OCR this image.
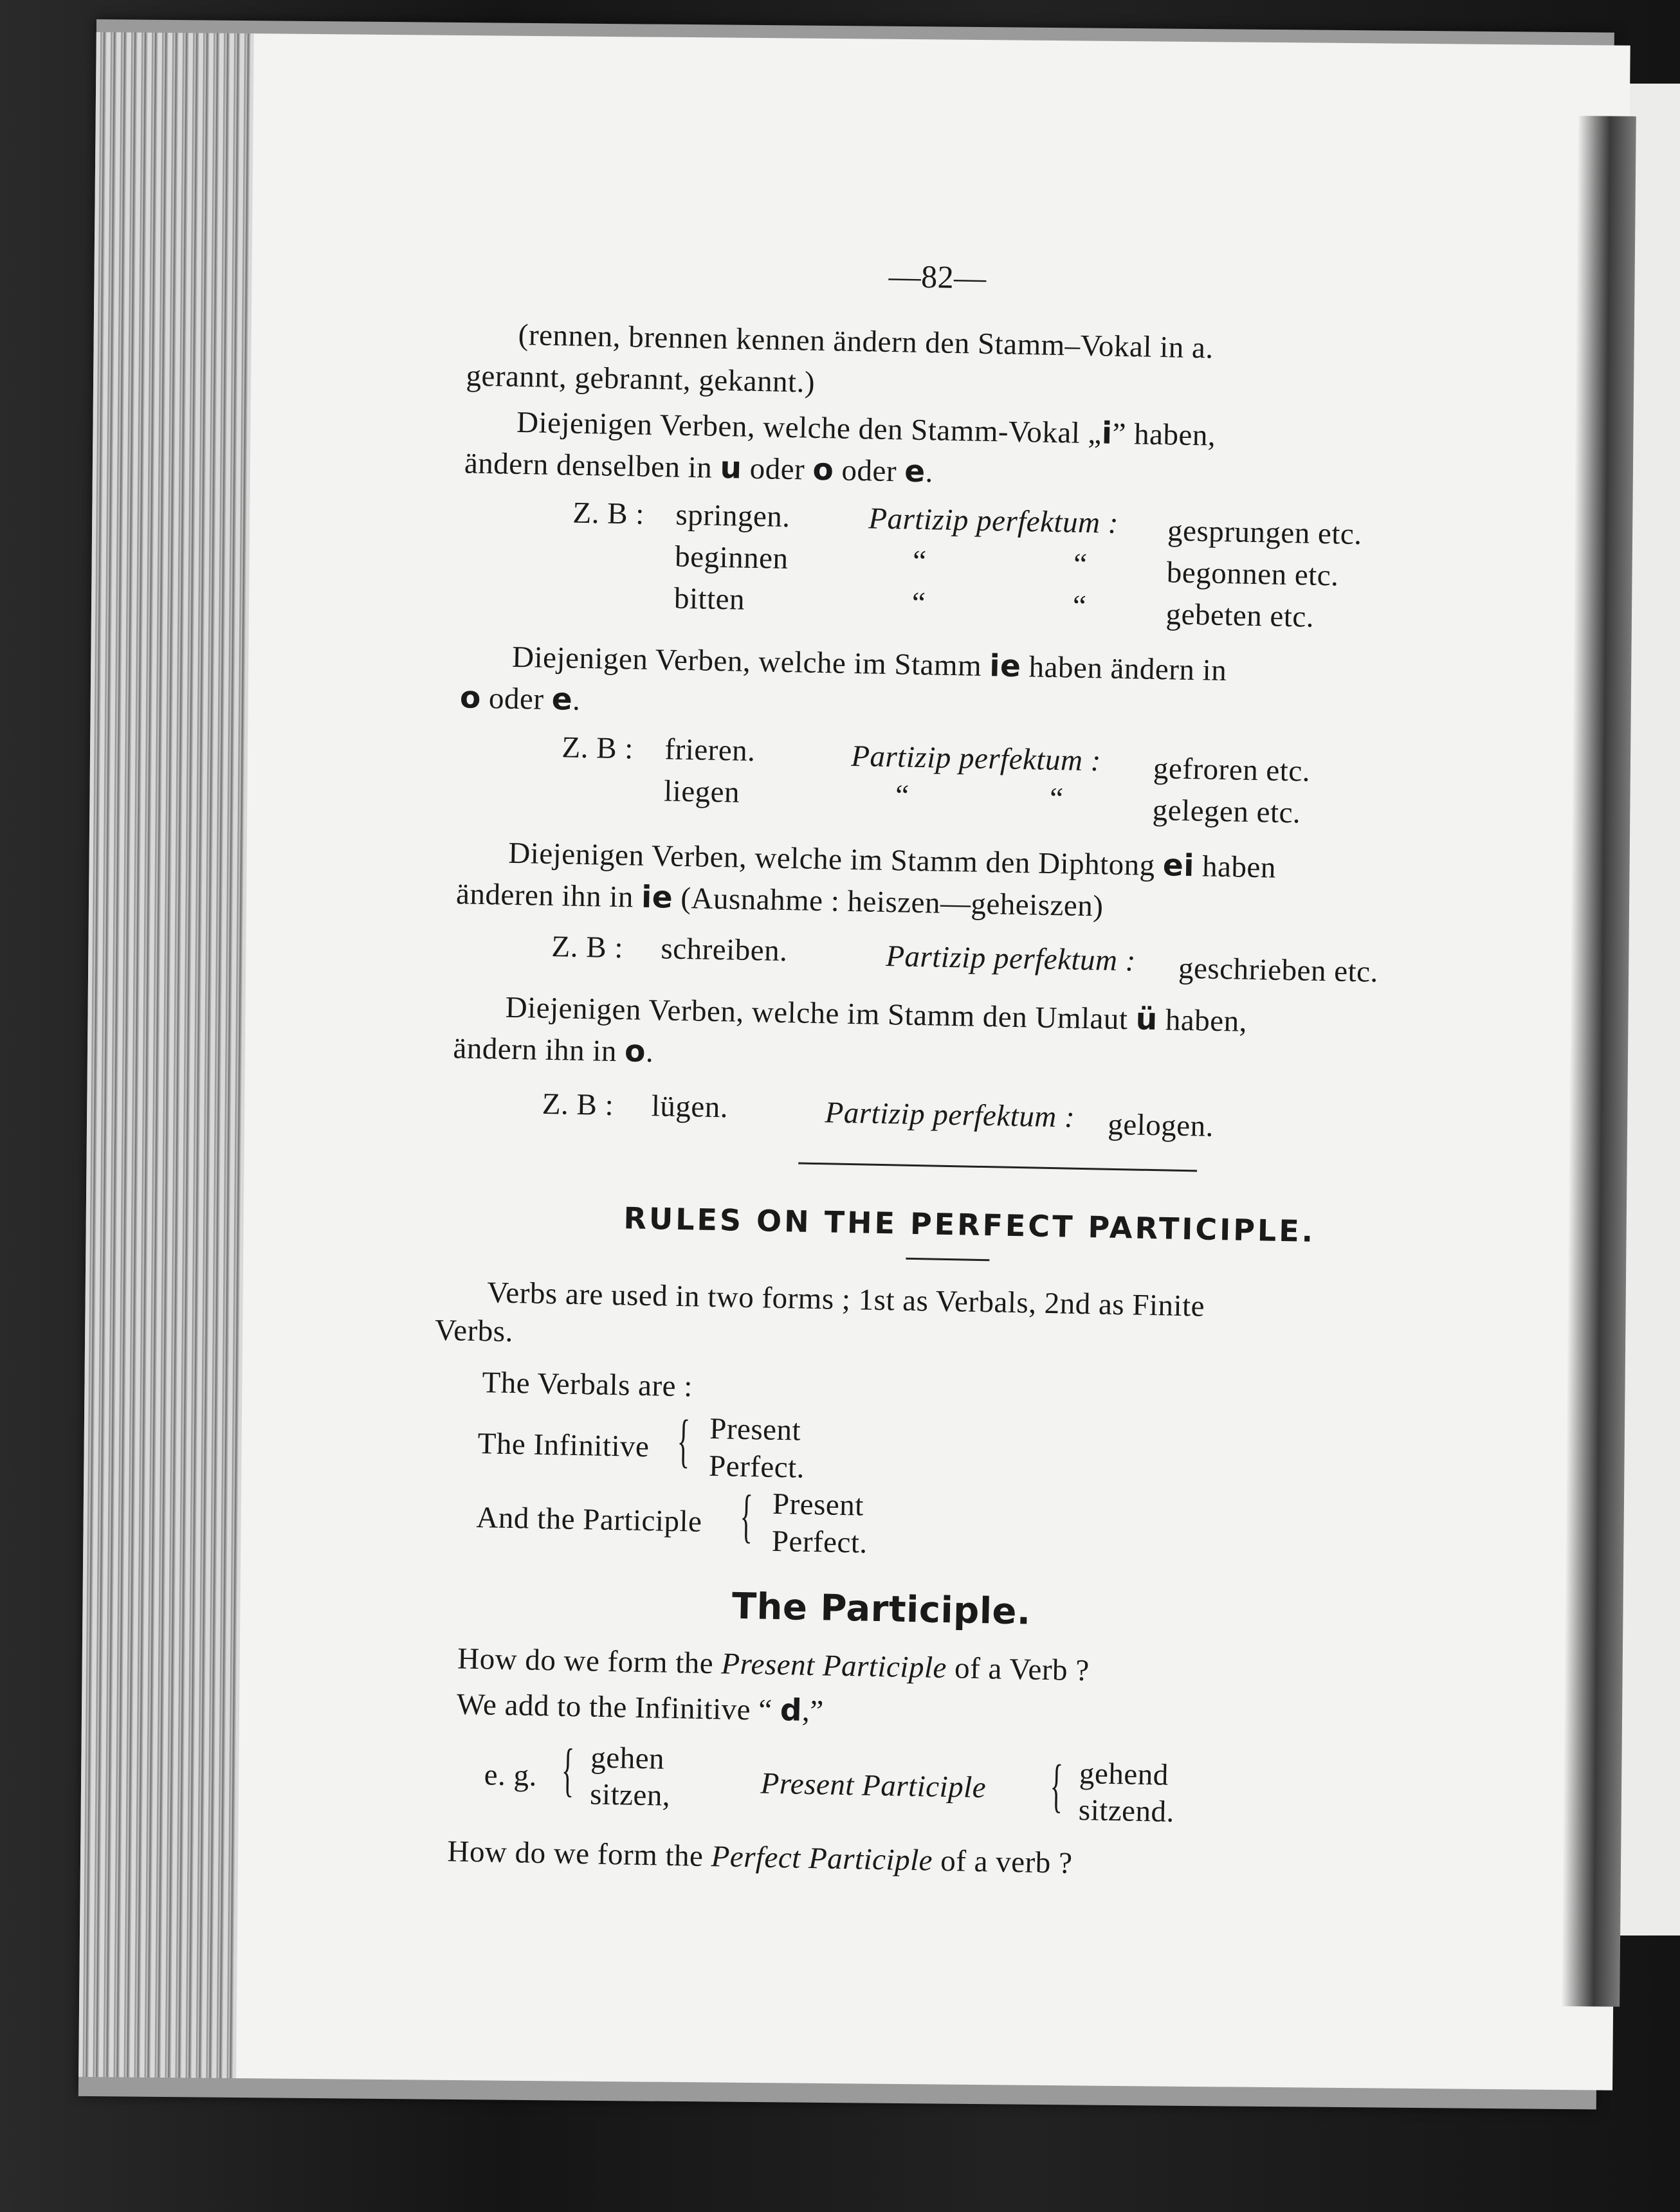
—82—
(rennen, brennen kennen ändern den Stamm–Vokal in a.
gerannt, gebrannt, gekannt.)
Diejenigen Verben, welche den Stamm-Vokal „i” haben,
ändern denselben in u oder o oder e.
Z. B : springen.	Partizip perfektum : gesprungen etc.
beginnen	“	“	begonnen etc.
bitten	“	“	gebeten etc.
Diejenigen Verben, welche im Stamm ie haben ändern in
o oder e.
Z. B : frieren.	Partizip perfektum : gefroren etc.
liegen	“	“	gelegen etc.
Diejenigen Verben, welche im Stamm den Diphtong ei haben
änderen ihn in ie (Ausnahme : heiszen—geheiszen)
Z. B : schreiben.	Partizip perfektum : geschrieben etc.
Diejenigen Verben, welche im Stamm den Umlaut ü haben,
ändern ihn in o.
Z. B : lügen.	Partizip perfektum : gelogen.
RULES ON THE PERFECT PARTICIPLE.
Verbs are used in two forms ; 1st as Verbals, 2nd as Finite
Verbs.
The Verbals are :
The Infinitive { Present
Perfect.
And the Participle { Present
Perfect.
The Participle.
How do we form the Present Participle of a Verb ?
We add to the Infinitive “ d,”
e. g. { gehen
sitzen,	Present Participle { gehend
sitzend.
How do we form the Perfect Participle of a verb ?
